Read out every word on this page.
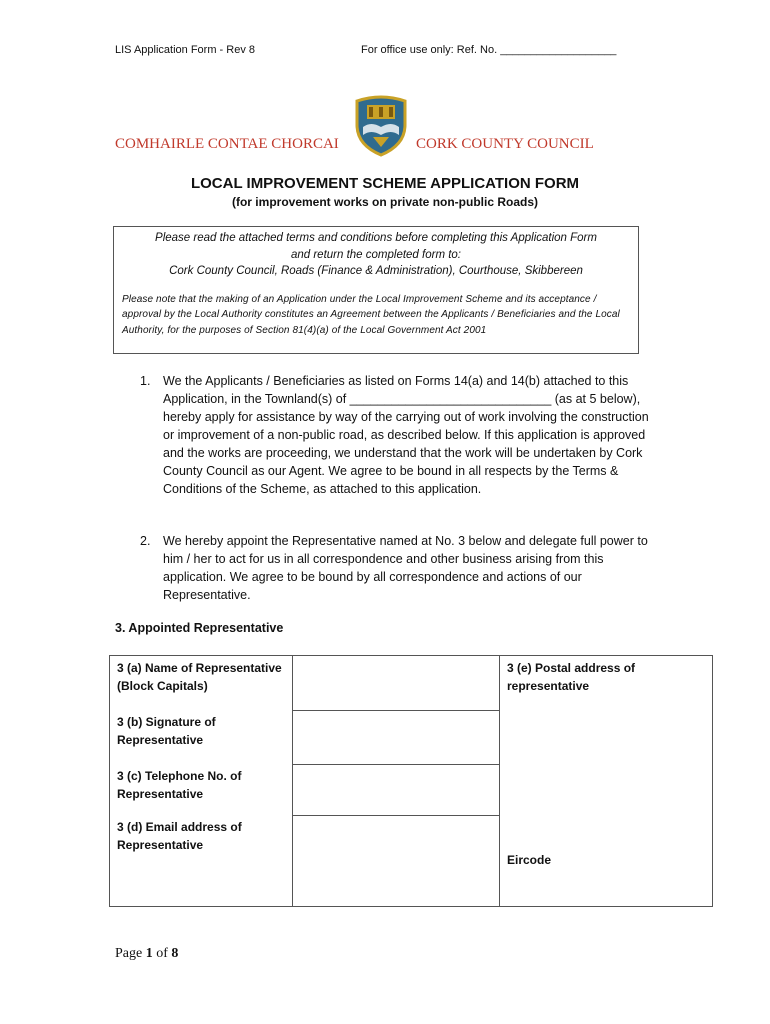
LIS Application Form - Rev 8	For office use only: Ref. No. ___________________
COMHAIRLE CONTAE CHORCAI	CORK COUNTY COUNCIL
LOCAL IMPROVEMENT SCHEME APPLICATION FORM
(for improvement works on private non-public Roads)
Please read the attached terms and conditions before completing this Application Form
and return the completed form to:
Cork County Council, Roads (Finance & Administration), Courthouse, Skibbereen
Please note that the making of an Application under the Local Improvement Scheme and its acceptance / approval by the Local Authority constitutes an Agreement between the Applicants / Beneficiaries and the Local Authority, for the purposes of Section 81(4)(a) of the Local Government Act 2001
1. We the Applicants / Beneficiaries as listed on Forms 14(a) and 14(b) attached to this Application, in the Townland(s) of _____________________________ (as at 5 below), hereby apply for assistance by way of the carrying out of work involving the construction or improvement of a non-public road, as described below. If this application is approved and the works are proceeding, we understand that the work will be undertaken by Cork County Council as our Agent. We agree to be bound in all respects by the Terms & Conditions of the Scheme, as attached to this application.
2. We hereby appoint the Representative named at No. 3 below and delegate full power to him / her to act for us in all correspondence and other business arising from this application. We agree to be bound by all correspondence and actions of our Representative.
3. Appointed Representative
3 (a) Name of Representative (Block Capitals)
3 (b) Signature of Representative
3 (c) Telephone No. of Representative
3 (d) Email address of Representative
3 (e) Postal address of representative
Eircode
Page 1 of 8
